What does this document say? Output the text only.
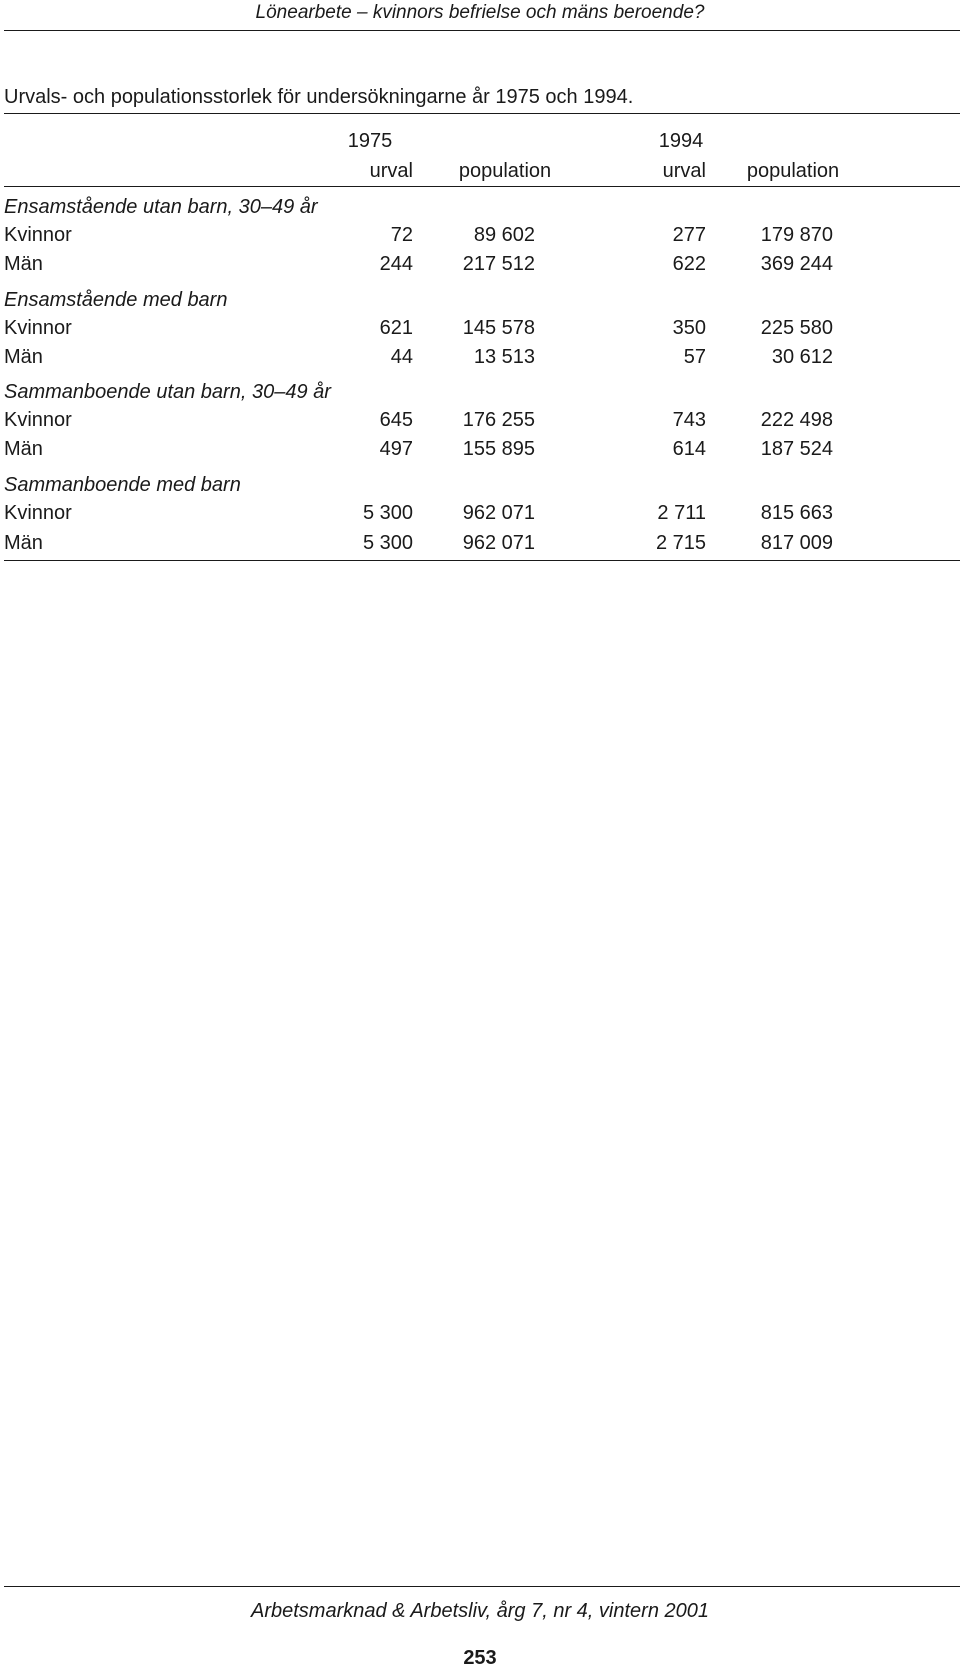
Lönearbete – kvinnors befrielse och mäns beroende?
Urvals- och populationsstorlek för undersökningarne år 1975 och 1994.
1975	1994
urval	population	urval	population
Ensamstående utan barn, 30–49 år
Kvinnor	72	89 602	277	179 870
Män	244	217 512	622	369 244
Ensamstående med barn
Kvinnor	621	145 578	350	225 580
Män	44	13 513	57	30 612
Sammanboende utan barn, 30–49 år
Kvinnor	645	176 255	743	222 498
Män	497	155 895	614	187 524
Sammanboende med barn
Kvinnor	5 300	962 071	2 711	815 663
Män	5 300	962 071	2 715	817 009
Arbetsmarknad & Arbetsliv, årg 7, nr 4, vintern 2001
253
